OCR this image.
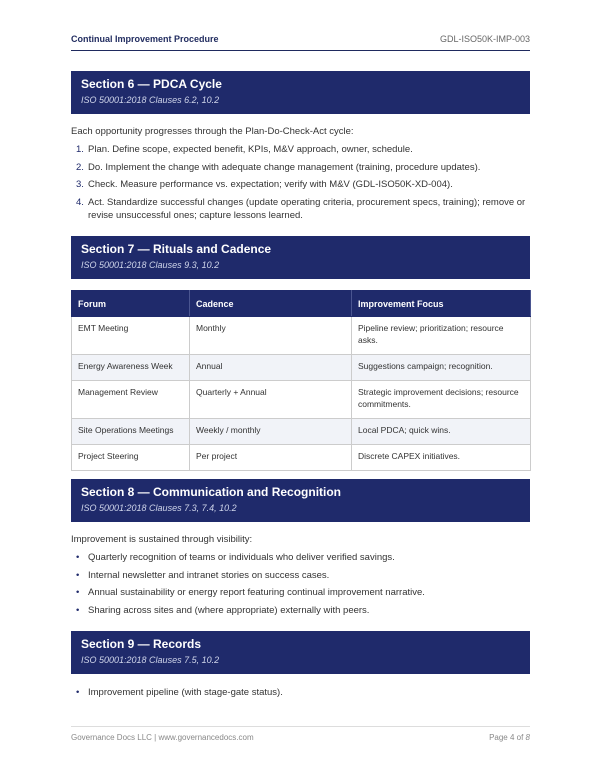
Continual Improvement Procedure	GDL-ISO50K-IMP-003
Section 6 — PDCA Cycle
ISO 50001:2018 Clauses 6.2, 10.2
Each opportunity progresses through the Plan-Do-Check-Act cycle:
1. Plan. Define scope, expected benefit, KPIs, M&V approach, owner, schedule.
2. Do. Implement the change with adequate change management (training, procedure updates).
3. Check. Measure performance vs. expectation; verify with M&V (GDL-ISO50K-XD-004).
4. Act. Standardize successful changes (update operating criteria, procurement specs, training); remove or revise unsuccessful ones; capture lessons learned.
Section 7 — Rituals and Cadence
ISO 50001:2018 Clauses 9.3, 10.2
Forum	Cadence	Improvement Focus
EMT Meeting	Monthly	Pipeline review; prioritization; resource asks.
Energy Awareness Week	Annual	Suggestions campaign; recognition.
Management Review	Quarterly + Annual	Strategic improvement decisions; resource commitments.
Site Operations Meetings	Weekly / monthly	Local PDCA; quick wins.
Project Steering	Per project	Discrete CAPEX initiatives.
Section 8 — Communication and Recognition
ISO 50001:2018 Clauses 7.3, 7.4, 10.2
Improvement is sustained through visibility:
• Quarterly recognition of teams or individuals who deliver verified savings.
• Internal newsletter and intranet stories on success cases.
• Annual sustainability or energy report featuring continual improvement narrative.
• Sharing across sites and (where appropriate) externally with peers.
Section 9 — Records
ISO 50001:2018 Clauses 7.5, 10.2
• Improvement pipeline (with stage-gate status).
Governance Docs LLC | www.governancedocs.com	Page 4 of 8
